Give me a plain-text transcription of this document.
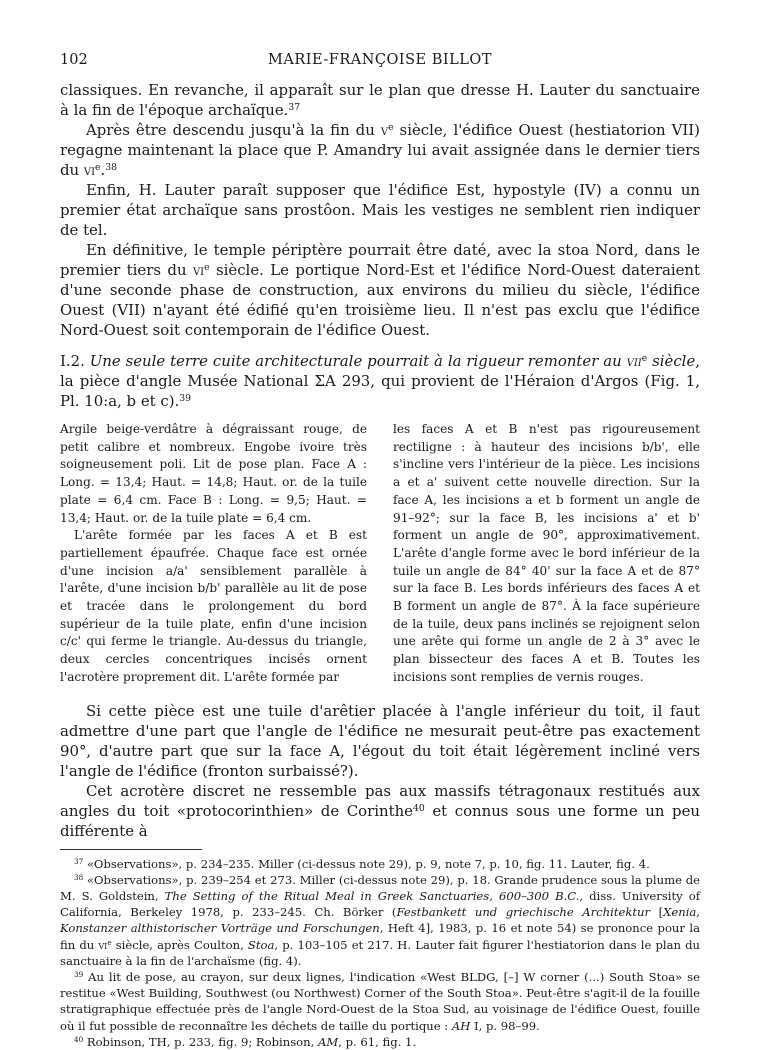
102	MARIE-FRANÇOISE BILLOT

classiques. En revanche, il apparaît sur le plan que dresse H. Lauter du sanctuaire à la fin de l'époque archaïque.$^{37}$

Après être descendu jusqu'à la fin du $v^e$ siècle, l'édifice Ouest (hestiatorion VII) regagne maintenant la place que P. Amandry lui avait assignée dans le dernier tiers du $vi^e.^{38}$

Enfin, H. Lauter paraît supposer que l'édifice Est, hypostyle (IV) a connu un premier état archaïque sans prostôon. Mais les vestiges ne semblent rien indiquer de tel.

En définitive, le temple périptère pourrait être daté, avec la stoa Nord, dans le premier tiers du $vi^e$ siècle. Le portique Nord-Est et l'édifice Nord-Ouest dateraient d'une seconde phase de construction, aux environs du milieu du siècle, l'édifice Ouest (VII) n'ayant été édifié qu'en troisième lieu. Il n'est pas exclu que l'édifice Nord-Ouest soit contemporain de l'édifice Ouest.

I.2. Une seule terre cuite architecturale pourrait à la rigueur remonter au vii$^e$ siècle, la pièce d'angle Musée National ΣA 293, qui provient de l'Héraion d'Argos (Fig. 1, Pl. 10:a, b et c).$^{39}$

Argile beige-verdâtre à dégraissant rouge, de petit calibre et nombreux. Engobe ivoire très soigneusement poli. Lit de pose plan. Face A : Long. = 13,4; Haut. = 14,8; Haut. or. de la tuile plate = 6,4 cm. Face B : Long. = 9,5; Haut. = 13,4; Haut. or. de la tuile plate = 6,4 cm.

L'arête formée par les faces A et B est partiellement épaufrée. Chaque face est ornée d'une incision a/a' sensiblement parallèle à l'arête, d'une incision b/b' parallèle au lit de pose et tracée dans le prolongement du bord supérieur de la tuile plate, enfin d'une incision c/c' qui ferme le triangle. Au-dessus du triangle, deux cercles concentriques incisés ornent l'acrotère proprement dit. L'arête formée par

les faces A et B n'est pas rigoureusement rectiligne : à hauteur des incisions b/b', elle s'incline vers l'intérieur de la pièce. Les incisions a et a' suivent cette nouvelle direction. Sur la face A, les incisions a et b forment un angle de 91–92°; sur la face B, les incisions a' et b' forment un angle de 90°, approximativement. L'arête d'angle forme avec le bord inférieur de la tuile un angle de 84° 40' sur la face A et de 87° sur la face B. Les bords inférieurs des faces A et B forment un angle de 87°. À la face supérieure de la tuile, deux pans inclinés se rejoignent selon une arête qui forme un angle de 2 à 3° avec le plan bissecteur des faces A et B. Toutes les incisions sont remplies de vernis rouges.

Si cette pièce est une tuile d'arêtier placée à l'angle inférieur du toit, il faut admettre d'une part que l'angle de l'édifice ne mesurait peut-être pas exactement 90°, d'autre part que sur la face A, l'égout du toit était légèrement incliné vers l'angle de l'édifice (fronton surbaissé?).

Cet acrotère discret ne ressemble pas aux massifs tétragonaux restitués aux angles du toit «protocorinthien» de Corinthe$^{40}$ et connus sous une forme un peu différente à

$^{37}$ «Observations», p. 234–235. Miller (ci-dessus note 29), p. 9, note 7, p. 10, fig. 11. Lauter, fig. 4.

$^{38}$ «Observations», p. 239–254 et 273. Miller (ci-dessus note 29), p. 18. Grande prudence sous la plume de M. S. Goldstein, The Setting of the Ritual Meal in Greek Sanctuaries, 600–300 B.C., diss. University of California, Berkeley 1978, p. 233–245. Ch. Börker (Festbankett und griechische Architektur [Xenia, Konstanzer althistorischer Vorträge und Forschungen, Heft 4], 1983, p. 16 et note 54) se prononce pour la fin du $vi^e$ siècle, après Coulton, Stoa, p. 103–105 et 217. H. Lauter fait figurer l'hestiatorion dans le plan du sanctuaire à la fin de l'archaïsme (fig. 4).

$^{39}$ Au lit de pose, au crayon, sur deux lignes, l'indication «West BLDG, [–] W corner (...) South Stoa» se restitue «West Building, Southwest (ou Northwest) Corner of the South Stoa». Peut-être s'agit-il de la fouille stratigraphique effectuée près de l'angle Nord-Ouest de la Stoa Sud, au voisinage de l'édifice Ouest, fouille où il fut possible de reconnaître les déchets de taille du portique : AH I, p. 98–99.

$^{40}$ Robinson, TH, p. 233, fig. 9; Robinson, AM, p. 61, fig. 1.
